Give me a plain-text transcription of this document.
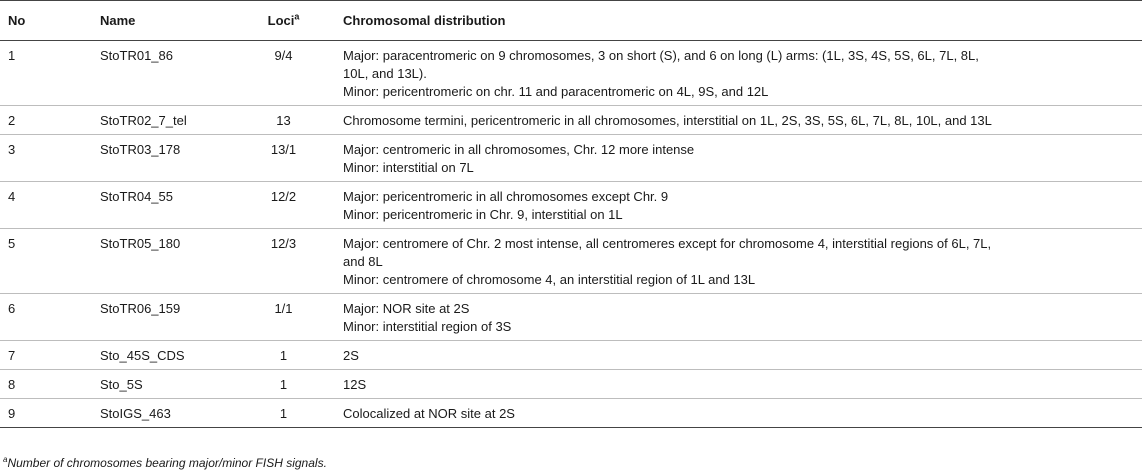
No	Name	Loci$^a$	Chromosomal distribution
1	StoTR01_86	9/4	Major: paracentromeric on 9 chromosomes, 3 on short (S), and 6 on long (L) arms: (1L, 3S, 4S, 5S, 6L, 7L, 8L,
10L, and 13L).
Minor: pericentromeric on chr. 11 and paracentromeric on 4L, 9S, and 12L

2	StoTR02_7_tel	13	Chromosome termini, pericentromeric in all chromosomes, interstitial on 1L, 2S, 3S, 5S, 6L, 7L, 8L, 10L, and 13L

3	StoTR03_178	13/1	Major: centromeric in all chromosomes, Chr. 12 more intense
Minor: interstitial on 7L

4	StoTR04_55	12/2	Major: pericentromeric in all chromosomes except Chr. 9
Minor: pericentromeric in Chr. 9, interstitial on 1L

5	StoTR05_180	12/3	Major: centromere of Chr. 2 most intense, all centromeres except for chromosome 4, interstitial regions of 6L, 7L,
and 8L
Minor: centromere of chromosome 4, an interstitial region of 1L and 13L

6	StoTR06_159	1/1	Major: NOR site at 2S
Minor: interstitial region of 3S

7	Sto_45S_CDS	1	2S

8	Sto_5S	1	12S

9	StoIGS_463	1	Colocalized at NOR site at 2S
$^a$Number of chromosomes bearing major/minor FISH signals.
